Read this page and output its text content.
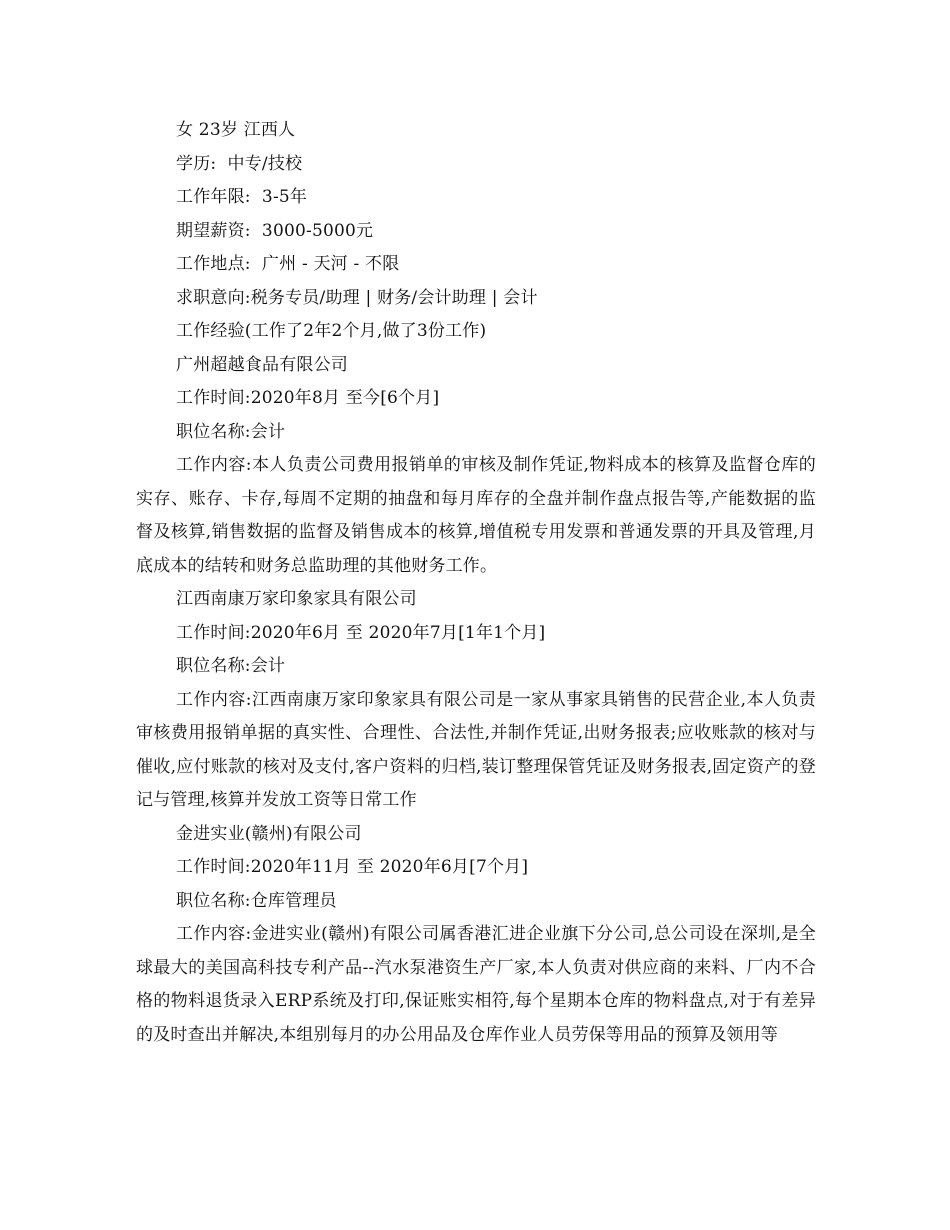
女 23岁 江西人
学历:  中专/技校
工作年限:  3-5年
期望薪资:  3000-5000元
工作地点:  广州 - 天河 - 不限
求职意向:税务专员/助理 | 财务/会计助理 | 会计
工作经验(工作了2年2个月,做了3份工作)
广州超越食品有限公司
工作时间:2020年8月 至今[6个月]
职位名称:会计
工作内容:本人负责公司费用报销单的审核及制作凭证,物料成本的核算及监督仓库的实存、账存、卡存,每周不定期的抽盘和每月库存的全盘并制作盘点报告等,产能数据的监督及核算,销售数据的监督及销售成本的核算,增值税专用发票和普通发票的开具及管理,月底成本的结转和财务总监助理的其他财务工作。
江西南康万家印象家具有限公司
工作时间:2020年6月 至 2020年7月[1年1个月]
职位名称:会计
工作内容:江西南康万家印象家具有限公司是一家从事家具销售的民营企业,本人负责审核费用报销单据的真实性、合理性、合法性,并制作凭证,出财务报表;应收账款的核对与催收,应付账款的核对及支付,客户资料的归档,装订整理保管凭证及财务报表,固定资产的登记与管理,核算并发放工资等日常工作
金进实业(赣州)有限公司
工作时间:2020年11月 至 2020年6月[7个月]
职位名称:仓库管理员
工作内容:金进实业(赣州)有限公司属香港汇进企业旗下分公司,总公司设在深圳,是全球最大的美国高科技专利产品--汽水泵港资生产厂家,本人负责对供应商的来料、厂内不合格的物料退货录入ERP系统及打印,保证账实相符,每个星期本仓库的物料盘点,对于有差异的及时查出并解决,本组别每月的办公用品及仓库作业人员劳保等用品的预算及领用等
